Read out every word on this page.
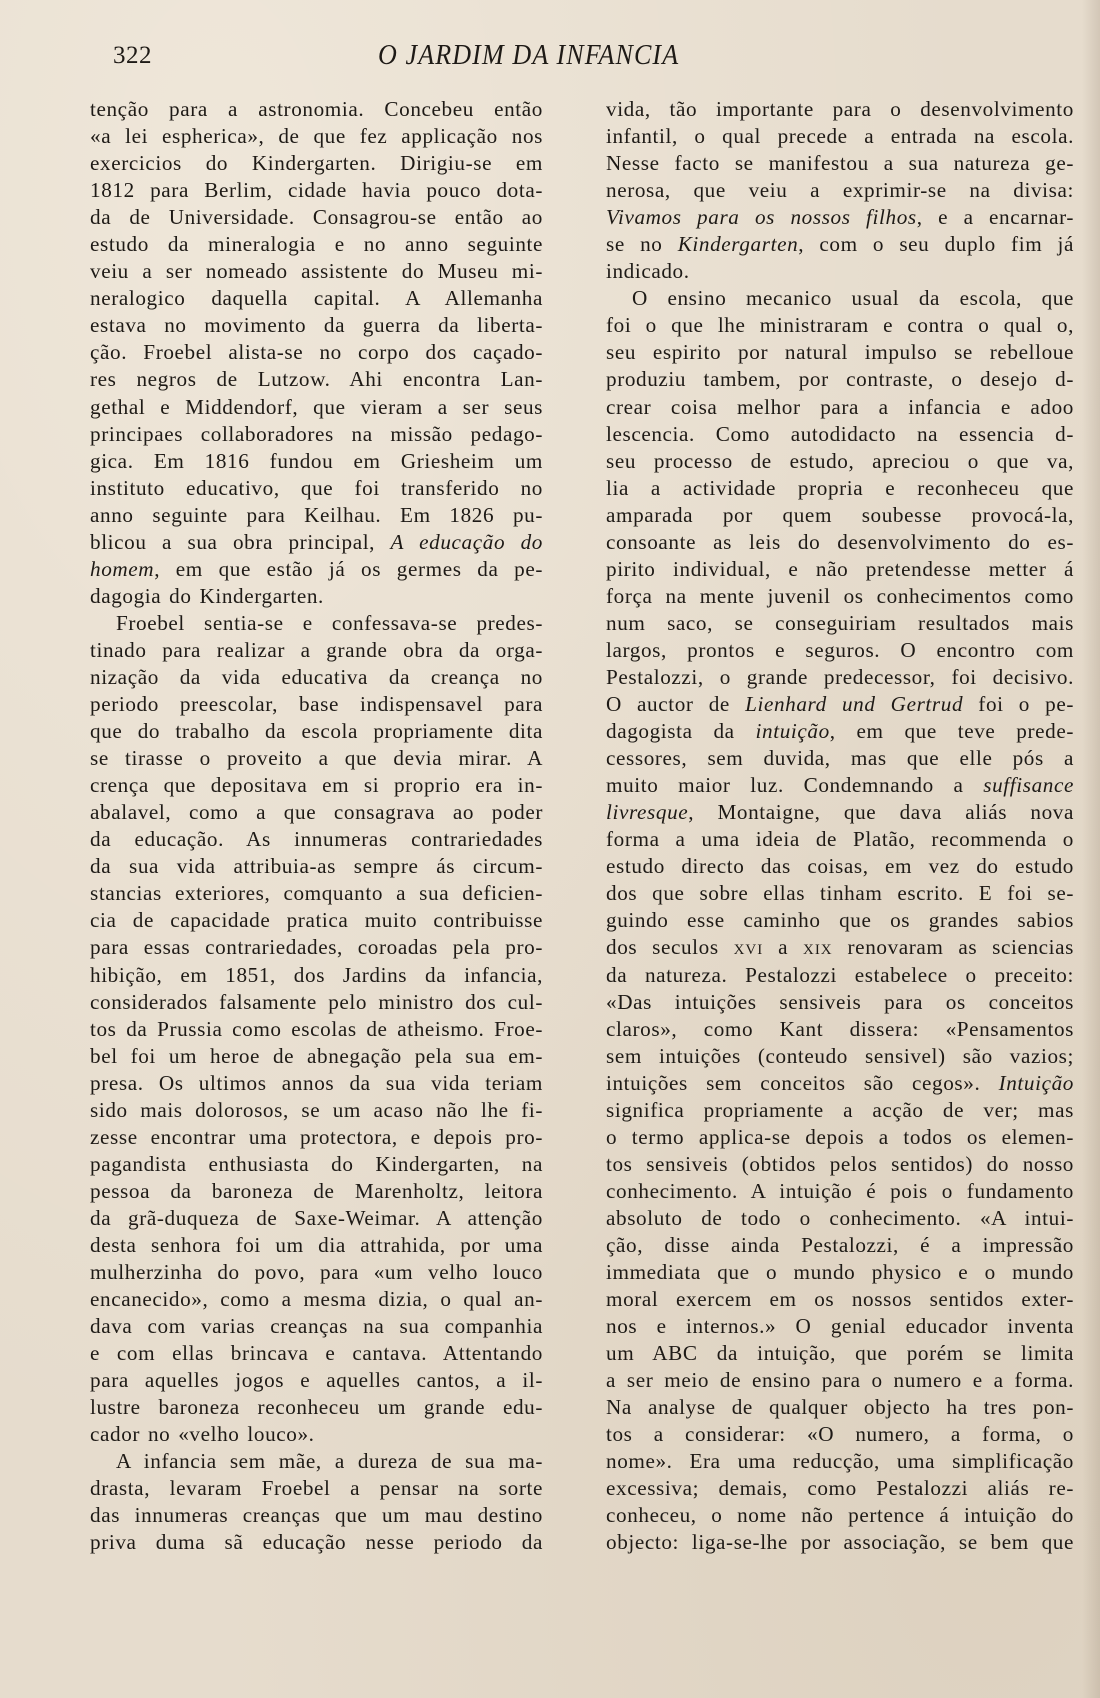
322	O JARDIM DA INFANCIA
tenção para a astronomia. Concebeu então
«a lei espherica», de que fez applicação nos
exercicios do Kindergarten. Dirigiu-se em
1812 para Berlim, cidade havia pouco dota-
da de Universidade. Consagrou-se então ao
estudo da mineralogia e no anno seguinte
veiu a ser nomeado assistente do Museu mi-
neralogico daquella capital. A Allemanha
estava no movimento da guerra da liberta-
ção. Froebel alista-se no corpo dos caçado-
res negros de Lutzow. Ahi encontra Lan-
gethal e Middendorf, que vieram a ser seus
principaes collaboradores na missão pedago-
gica. Em 1816 fundou em Griesheim um
instituto educativo, que foi transferido no
anno seguinte para Keilhau. Em 1826 pu-
blicou a sua obra principal, A educação do
homem, em que estão já os germes da pe-
dagogia do Kindergarten.
Froebel sentia-se e confessava-se predes-
tinado para realizar a grande obra da orga-
nização da vida educativa da creança no
periodo preescolar, base indispensavel para
que do trabalho da escola propriamente dita
se tirasse o proveito a que devia mirar. A
crença que depositava em si proprio era in-
abalavel, como a que consagrava ao poder
da educação. As innumeras contrariedades
da sua vida attribuia-as sempre ás circum-
stancias exteriores, comquanto a sua deficien-
cia de capacidade pratica muito contribuisse
para essas contrariedades, coroadas pela pro-
hibição, em 1851, dos Jardins da infancia,
considerados falsamente pelo ministro dos cul-
tos da Prussia como escolas de atheismo. Froe-
bel foi um heroe de abnegação pela sua em-
presa. Os ultimos annos da sua vida teriam
sido mais dolorosos, se um acaso não lhe fi-
zesse encontrar uma protectora, e depois pro-
pagandista enthusiasta do Kindergarten, na
pessoa da baroneza de Marenholtz, leitora
da grã-duqueza de Saxe-Weimar. A attenção
desta senhora foi um dia attrahida, por uma
mulherzinha do povo, para «um velho louco
encanecido», como a mesma dizia, o qual an-
dava com varias creanças na sua companhia
e com ellas brincava e cantava. Attentando
para aquelles jogos e aquelles cantos, a il-
lustre baroneza reconheceu um grande edu-
cador no «velho louco».
A infancia sem mãe, a dureza de sua ma-
drasta, levaram Froebel a pensar na sorte
das innumeras creanças que um mau destino
priva duma sã educação nesse periodo da
vida, tão importante para o desenvolvimento
infantil, o qual precede a entrada na escola.
Nesse facto se manifestou a sua natureza ge-
nerosa, que veiu a exprimir-se na divisa:
Vivamos para os nossos filhos, e a encarnar-
se no Kindergarten, com o seu duplo fim já
indicado.
O ensino mecanico usual da escola, que
foi o que lhe ministraram e contra o qual o,
seu espirito por natural impulso se rebelloue
produziu tambem, por contraste, o desejo d-
crear coisa melhor para a infancia e adoo
lescencia. Como autodidacto na essencia d-
seu processo de estudo, apreciou o que va,
lia a actividade propria e reconheceu que
amparada por quem soubesse provocá-la,
consoante as leis do desenvolvimento do es-
pirito individual, e não pretendesse metter á
força na mente juvenil os conhecimentos como
num saco, se conseguiriam resultados mais
largos, prontos e seguros. O encontro com
Pestalozzi, o grande predecessor, foi decisivo.
O auctor de Lienhard und Gertrud foi o pe-
dagogista da intuição, em que teve prede-
cessores, sem duvida, mas que elle pós a
muito maior luz. Condemnando a suffisance
livresque, Montaigne, que dava aliás nova
forma a uma ideia de Platão, recommenda o
estudo directo das coisas, em vez do estudo
dos que sobre ellas tinham escrito. E foi se-
guindo esse caminho que os grandes sabios
dos seculos xvi a xix renovaram as sciencias
da natureza. Pestalozzi estabelece o preceito:
«Das intuições sensiveis para os conceitos
claros», como Kant dissera: «Pensamentos
sem intuições (conteudo sensivel) são vazios;
intuições sem conceitos são cegos». Intuição
significa propriamente a acção de ver; mas
o termo applica-se depois a todos os elemen-
tos sensiveis (obtidos pelos sentidos) do nosso
conhecimento. A intuição é pois o fundamento
absoluto de todo o conhecimento. «A intui-
ção, disse ainda Pestalozzi, é a impressão
immediata que o mundo physico e o mundo
moral exercem em os nossos sentidos exter-
nos e internos.» O genial educador inventa
um ABC da intuição, que porém se limita
a ser meio de ensino para o numero e a forma.
Na analyse de qualquer objecto ha tres pon-
tos a considerar: «O numero, a forma, o
nome». Era uma reducção, uma simplificação
excessiva; demais, como Pestalozzi aliás re-
conheceu, o nome não pertence á intuição do
objecto: liga-se-lhe por associação, se bem que
